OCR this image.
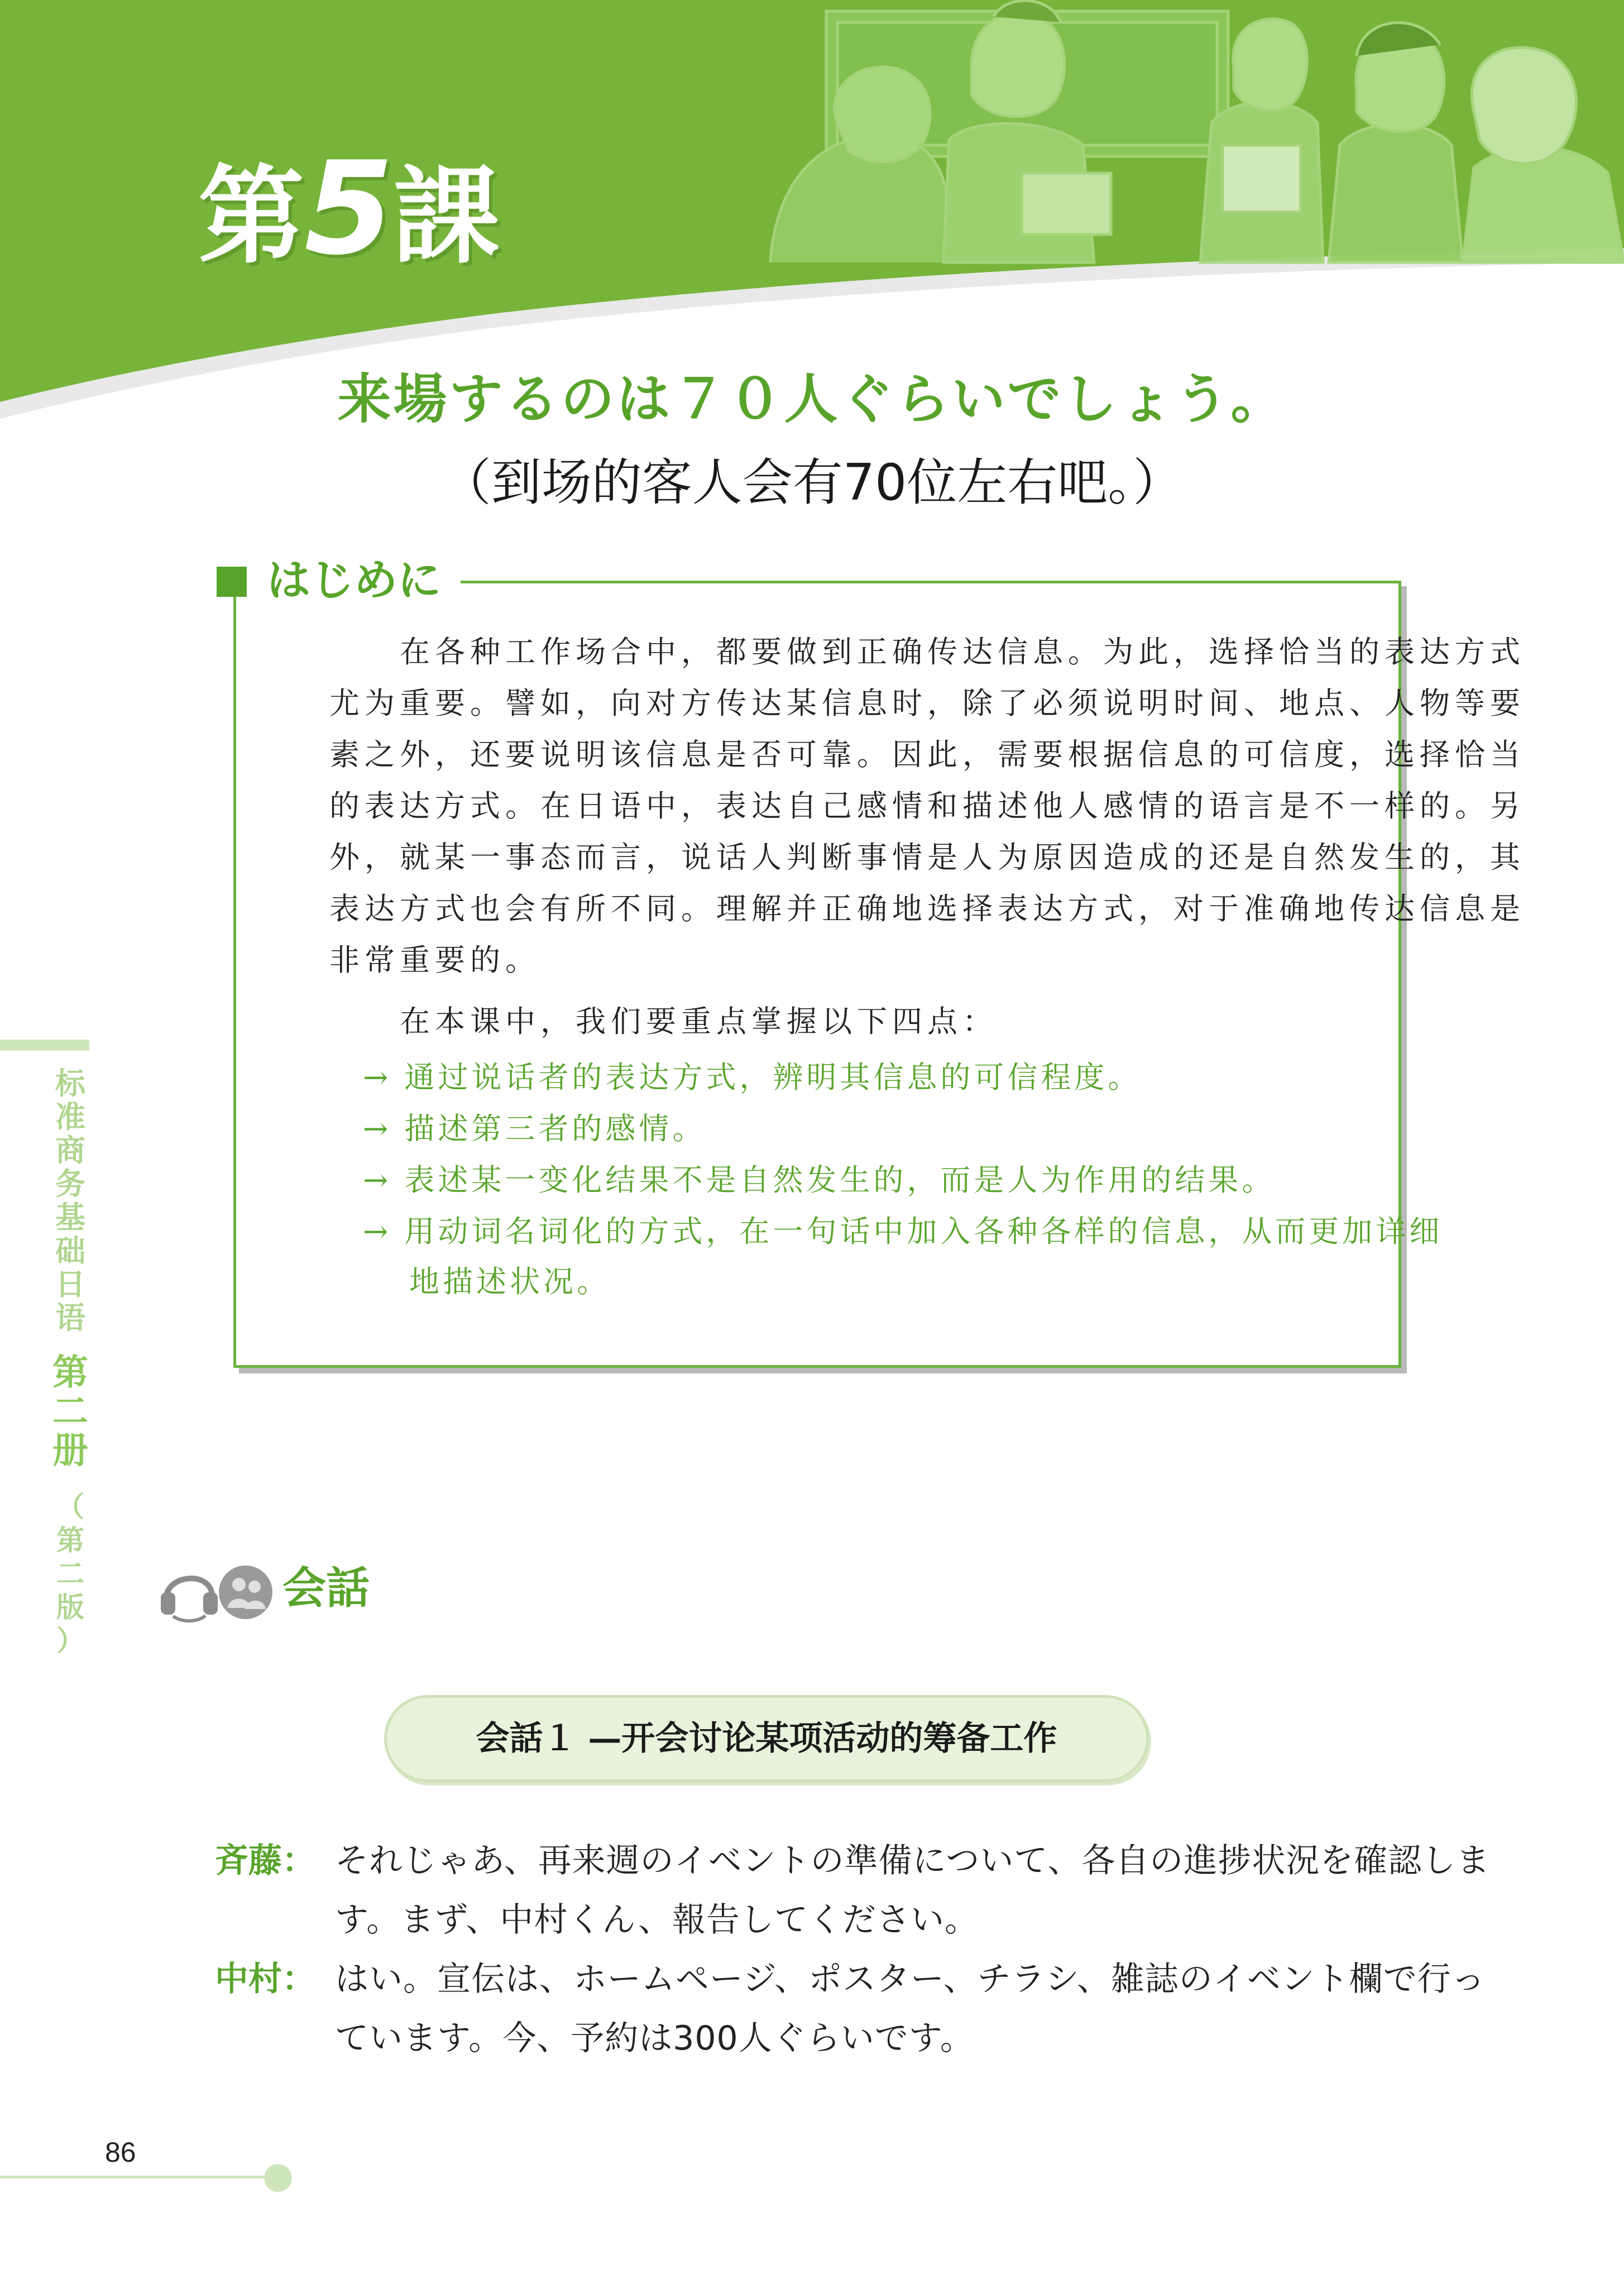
第5課
来場するのは７０人ぐらいでしょう。
（到场的客人会有70位左右吧。）
はじめに
　　在各种工作场合中，都要做到正确传达信息。为此，选择恰当的表达方式
尤为重要。譬如，向对方传达某信息时，除了必须说明时间、地点、人物等要
素之外，还要说明该信息是否可靠。因此，需要根据信息的可信度，选择恰当
的表达方式。在日语中，表达自己感情和描述他人感情的语言是不一样的。另
外，就某一事态而言，说话人判断事情是人为原因造成的还是自然发生的，其
表达方式也会有所不同。理解并正确地选择表达方式，对于准确地传达信息是
非常重要的。
　　在本课中，我们要重点掌握以下四点：
　→ 通过说话者的表达方式，辨明其信息的可信程度。
　→ 描述第三者的感情。
　→ 表述某一变化结果不是自然发生的，而是人为作用的结果。
　→ 用动词名词化的方式，在一句话中加入各种各样的信息，从而更加详细
　　 地描述状况。
标
准
商
务
基
础
日
语
第
二
册
（
第
二
版
）
会話
会話１ —开会讨论某项活动的筹备工作
斉藤： それじゃあ、再来週のイベントの準備について、各自の進捗状況を確認しま
す。まず、中村くん、報告してください。
中村： はい。宣伝は、ホームページ、ポスター、チラシ、雑誌のイベント欄で行っ
ています。今、予約は300人ぐらいです。
86
